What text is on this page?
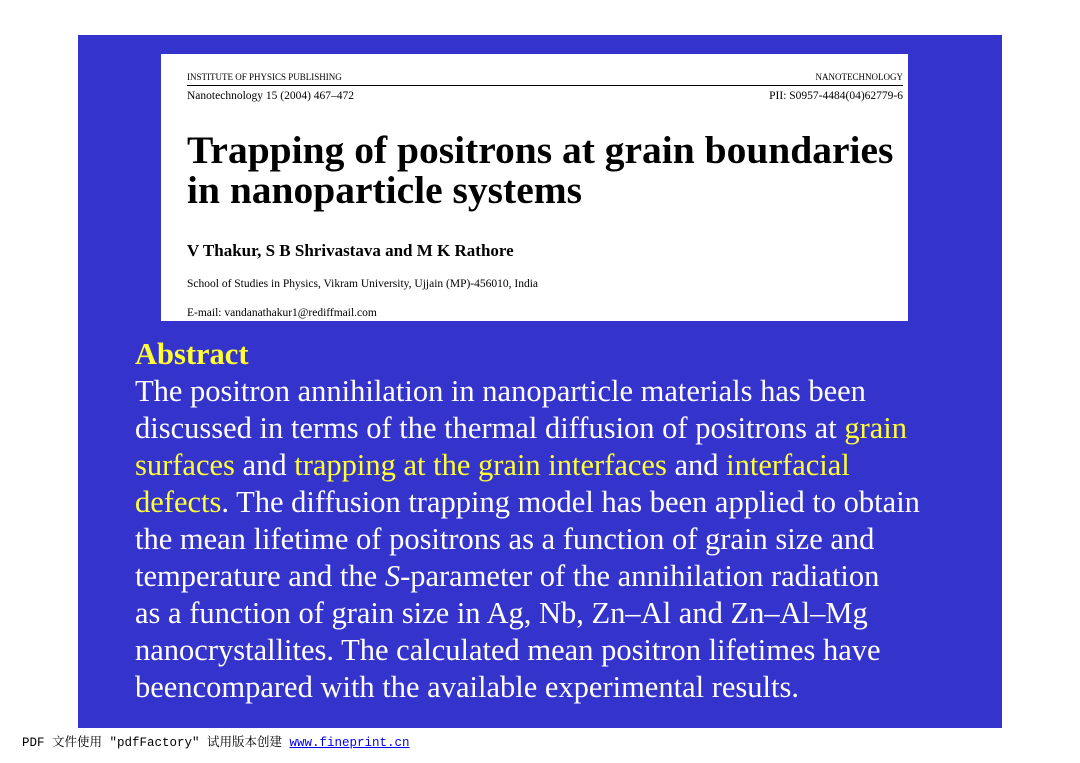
INSTITUTE OF PHYSICS PUBLISHING	NANOTECHNOLOGY
Nanotechnology 15 (2004) 467–472	PII: S0957-4484(04)62779-6
Trapping of positrons at grain boundaries
in nanoparticle systems
V Thakur, S B Shrivastava and M K Rathore
School of Studies in Physics, Vikram University, Ujjain (MP)-456010, India
E-mail: vandanathakur1@rediffmail.com
Abstract
The positron annihilation in nanoparticle materials has been
discussed in terms of the thermal diffusion of positrons at grain
surfaces and trapping at the grain interfaces and interfacial
defects. The diffusion trapping model has been applied to obtain
the mean lifetime of positrons as a function of grain size and
temperature and the S-parameter of the annihilation radiation
as a function of grain size in Ag, Nb, Zn–Al and Zn–Al–Mg
nanocrystallites. The calculated mean positron lifetimes have
beencompared with the available experimental results.
PDF 文件使用 "pdfFactory" 试用版本创建 www.fineprint.cn
